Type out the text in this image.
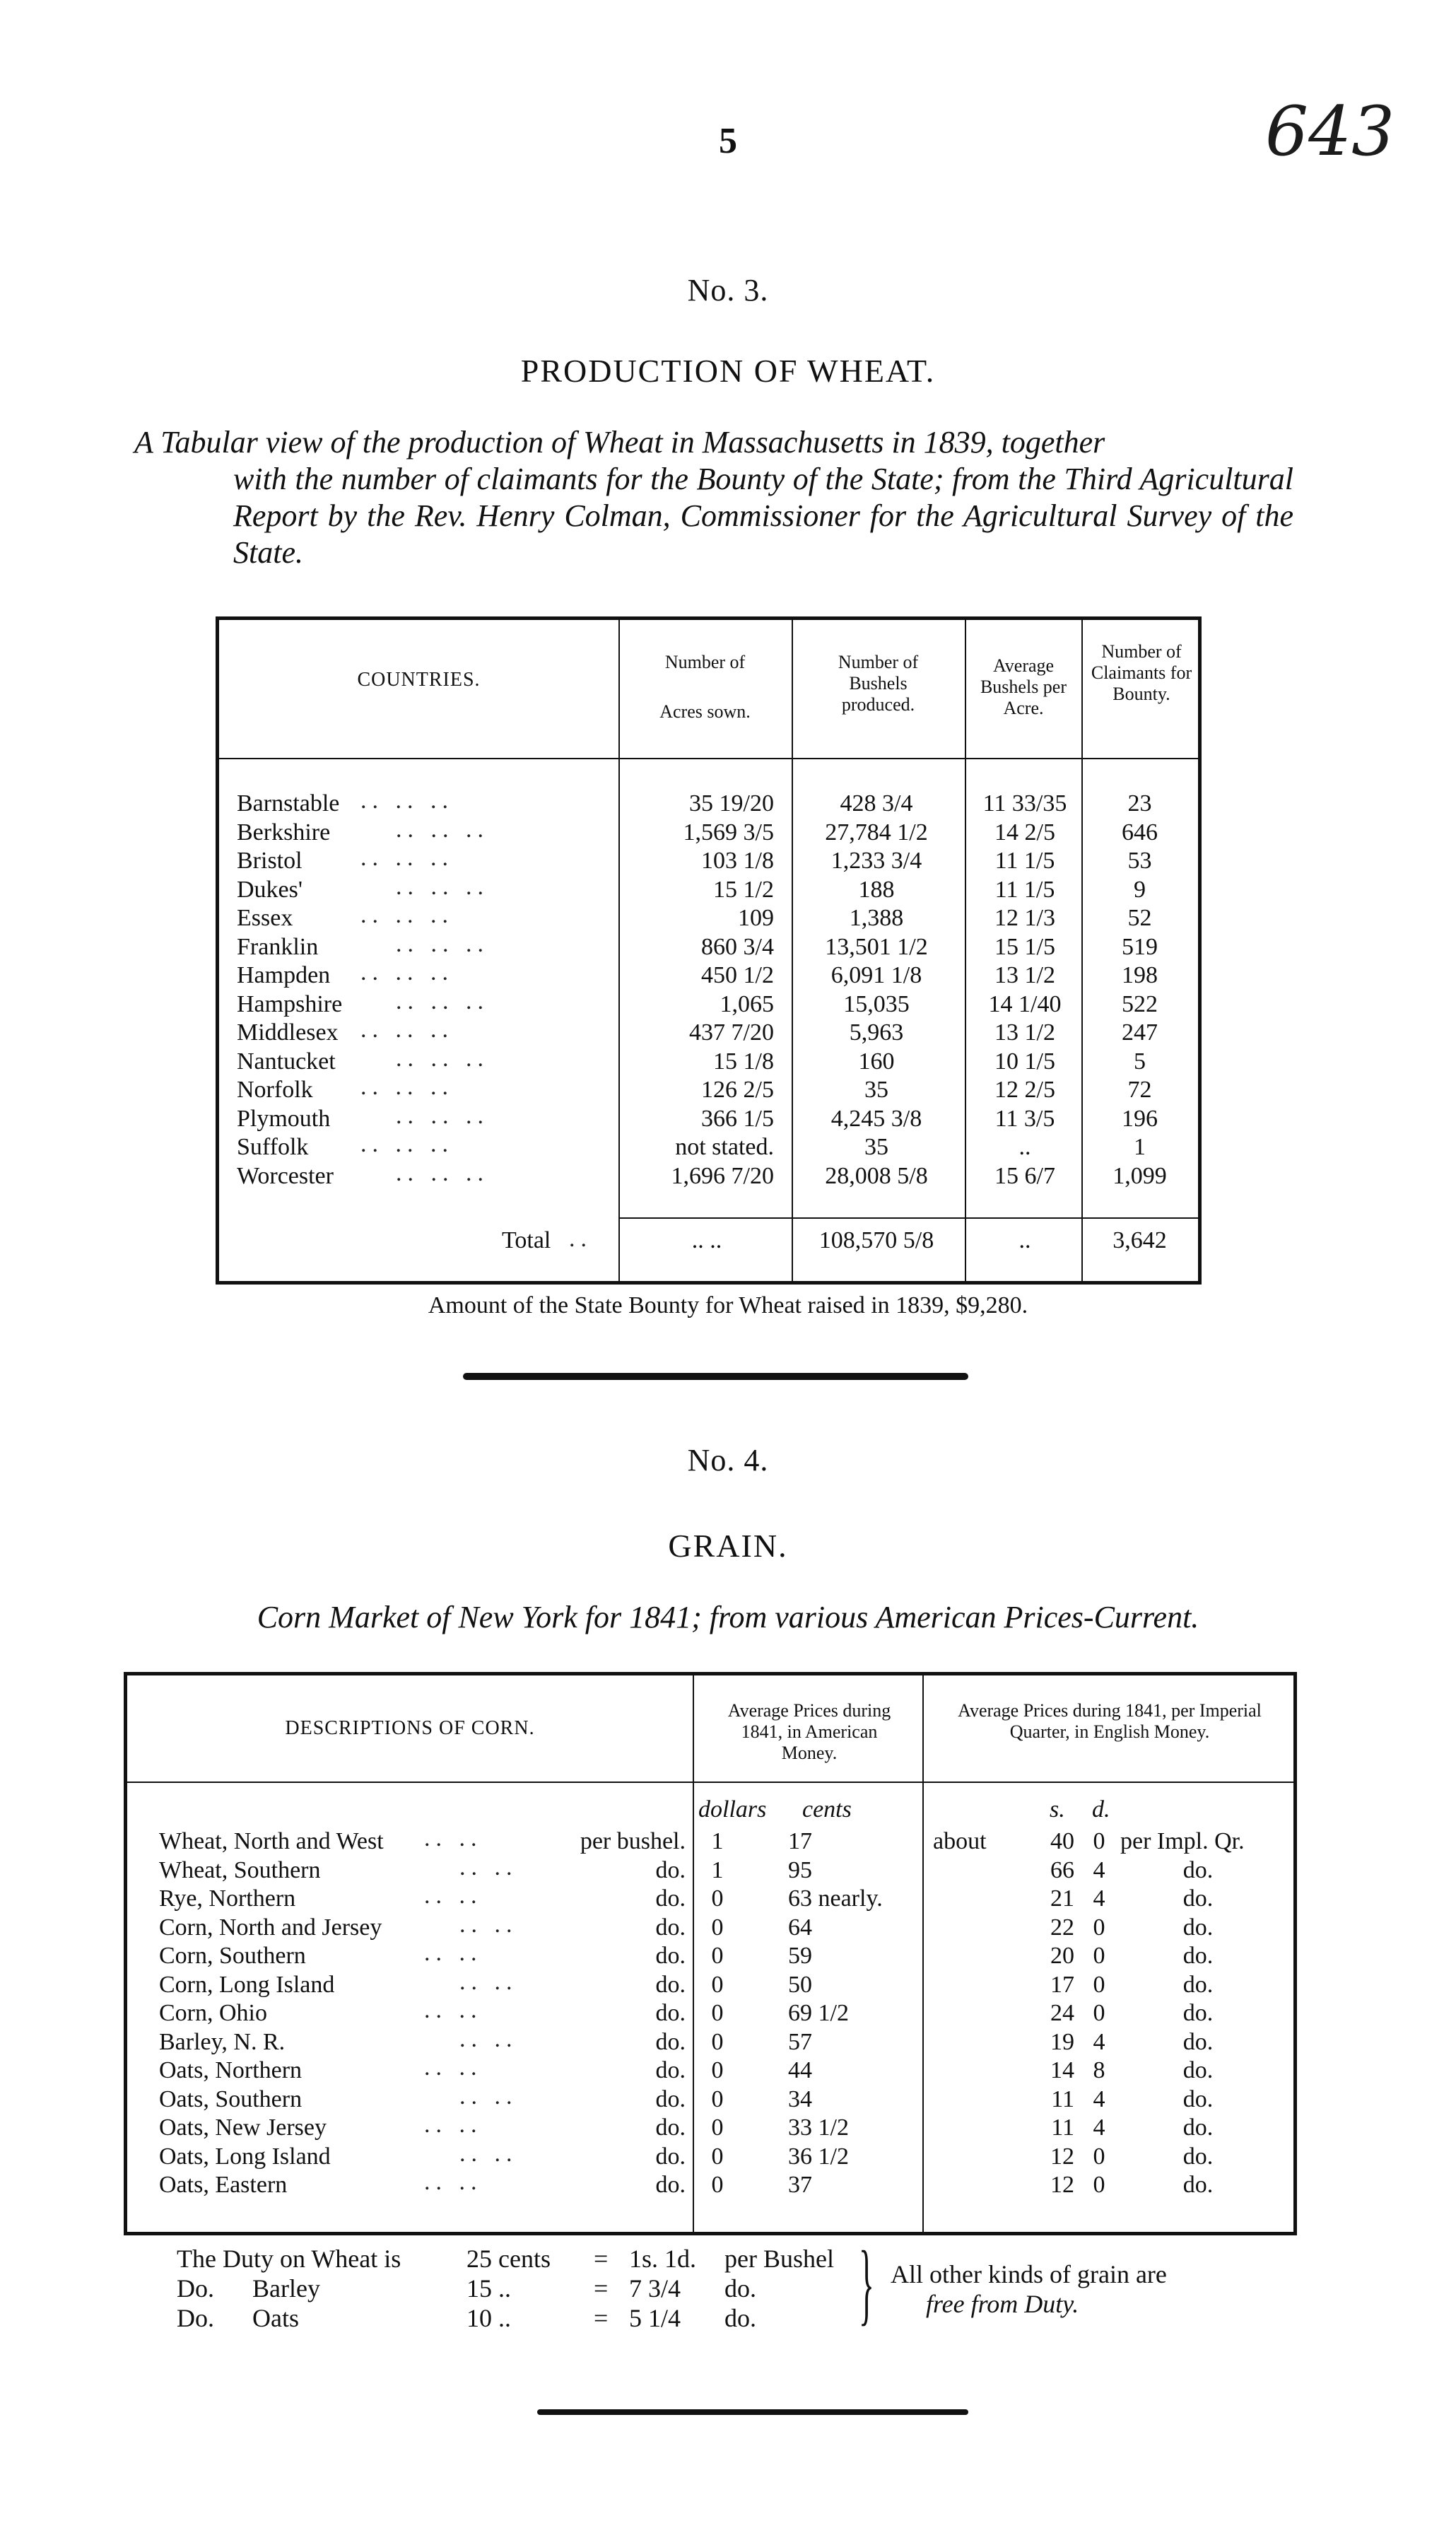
5	643
No. 3.
PRODUCTION OF WHEAT.
A Tabular view of the production of Wheat in Massachusetts in 1839, together
with the number of claimants for the Bounty of the State; from the Third Agricultural Report by the Rev. Henry Colman, Commissioner for the Agricultural Survey of the State.
COUNTRIES.
Number of
Acres sown.
Number of Bushels produced.
Average Bushels per Acre.
Number of Claimants for Bounty.
Barnstable	35 19/20	428 3/4	11 33/35	23
.. .. ..
Berkshire	1,569 3/5	27,784 1/2	14 2/5	646
.. .. ..
Bristol	103 1/8	1,233 3/4	11 1/5	53
.. .. ..
Dukes'	15 1/2	188	11 1/5	9
.. .. ..
Essex	109	1,388	12 1/3	52
.. .. ..
Franklin	860 3/4	13,501 1/2	15 1/5	519
.. .. ..
Hampden	450 1/2	6,091 1/8	13 1/2	198
.. .. ..
Hampshire	1,065	15,035	14 1/40	522
.. .. ..
Middlesex	437 7/20	5,963	13 1/2	247
.. .. ..
Nantucket	15 1/8	160	10 1/5	5
.. .. ..
Norfolk	126 2/5	35	12 2/5	72
.. .. ..
Plymouth	366 1/5	4,245 3/8	11 3/5	196
.. .. ..
Suffolk	not stated.	35	..	1
.. .. ..
Worcester	1,696 7/20	28,008 5/8	15 6/7	1,099
.. .. ..
Total ..	.. ..	108,570 5/8	..	3,642
Amount of the State Bounty for Wheat raised in 1839, $9,280.
No. 4.
GRAIN.
Corn Market of New York for 1841; from various American Prices-Current.
DESCRIPTIONS OF CORN.
Average Prices during 1841, in American Money.
Average Prices during 1841, per Imperial Quarter, in English Money.
dollars cents	s. d.
Wheat, North and West	per bushel. 1	17	about	40 0 per Impl. Qr.
.. ..
Wheat, Southern	do. 1	95	66 4	do.
.. ..
Rye, Northern	do. 0	63 nearly.	21 4	do.
.. ..
Corn, North and Jersey	do. 0	64	22 0	do.
.. ..
Corn, Southern	do. 0	59	20 0	do.
.. ..
Corn, Long Island	do. 0	50	17 0	do.
.. ..
Corn, Ohio	do. 0	69 1/2	24 0	do.
.. ..
Barley, N. R.	do. 0	57	19 4	do.
.. ..
Oats, Northern	do. 0	44	14 8	do.
.. ..
Oats, Southern	do. 0	34	11 4	do.
.. ..
Oats, New Jersey	do. 0	33 1/2	11 4	do.
.. ..
Oats, Long Island	do. 0	36 1/2	12 0	do.
.. ..
Oats, Eastern	do. 0	37	12 0	do.
.. ..
The Duty on Wheat is	25 cents = 1s. 1d. per Bushel
Do.      Barley	15 ..	= 7 3/4 do.
Do.      Oats	10 ..	= 5 1/4 do. } All other kinds of grain are
free from Duty.
